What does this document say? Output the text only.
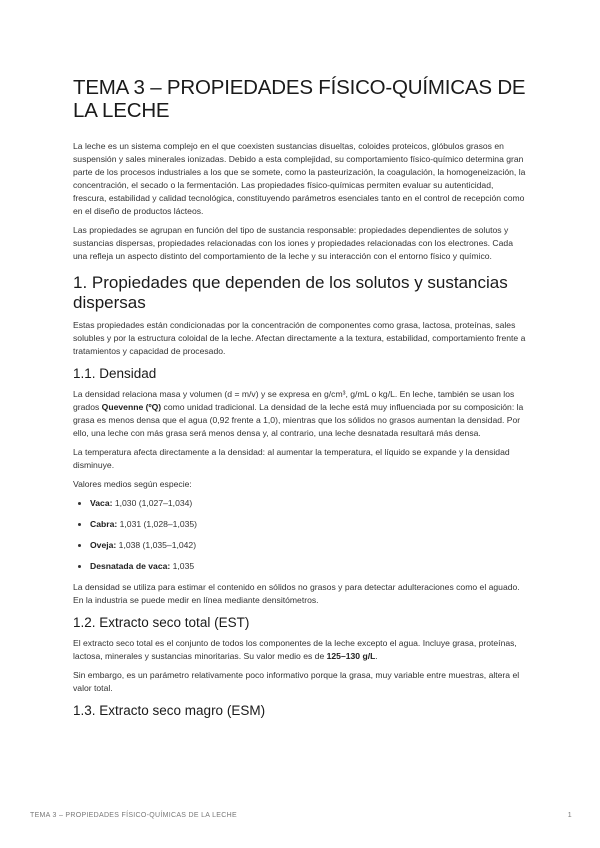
TEMA 3 – PROPIEDADES FÍSICO-QUÍMICAS DE LA LECHE

La leche es un sistema complejo en el que coexisten sustancias disueltas, coloides proteicos, glóbulos grasos en suspensión y sales minerales ionizadas. Debido a esta complejidad, su comportamiento físico-químico determina gran parte de los procesos industriales a los que se somete, como la pasteurización, la coagulación, la homogeneización, la concentración, el secado o la fermentación. Las propiedades físico-químicas permiten evaluar su autenticidad, frescura, estabilidad y calidad tecnológica, constituyendo parámetros esenciales tanto en el control de recepción como en el diseño de productos lácteos.

Las propiedades se agrupan en función del tipo de sustancia responsable: propiedades dependientes de solutos y sustancias dispersas, propiedades relacionadas con los iones y propiedades relacionadas con los electrones. Cada una refleja un aspecto distinto del comportamiento de la leche y su interacción con el entorno físico y químico.

1. Propiedades que dependen de los solutos y sustancias dispersas

Estas propiedades están condicionadas por la concentración de componentes como grasa, lactosa, proteínas, sales solubles y por la estructura coloidal de la leche. Afectan directamente a la textura, estabilidad, comportamiento frente a tratamientos y capacidad de procesado.

1.1. Densidad

La densidad relaciona masa y volumen (d = m/v) y se expresa en g/cm³, g/mL o kg/L. En leche, también se usan los grados Quevenne (ºQ) como unidad tradicional. La densidad de la leche está muy influenciada por su composición: la grasa es menos densa que el agua (0,92 frente a 1,0), mientras que los sólidos no grasos aumentan la densidad. Por ello, una leche con más grasa será menos densa y, al contrario, una leche desnatada resultará más densa.

La temperatura afecta directamente a la densidad: al aumentar la temperatura, el líquido se expande y la densidad disminuye.

Valores medios según especie:

• Vaca: 1,030 (1,027–1,034)
• Cabra: 1,031 (1,028–1,035)
• Oveja: 1,038 (1,035–1,042)
• Desnatada de vaca: 1,035

La densidad se utiliza para estimar el contenido en sólidos no grasos y para detectar adulteraciones como el aguado. En la industria se puede medir en línea mediante densitómetros.

1.2. Extracto seco total (EST)

El extracto seco total es el conjunto de todos los componentes de la leche excepto el agua. Incluye grasa, proteínas, lactosa, minerales y sustancias minoritarias. Su valor medio es de 125–130 g/L.

Sin embargo, es un parámetro relativamente poco informativo porque la grasa, muy variable entre muestras, altera el valor total.

1.3. Extracto seco magro (ESM)
TEMA 3 – PROPIEDADES FÍSICO-QUÍMICAS DE LA LECHE	1
